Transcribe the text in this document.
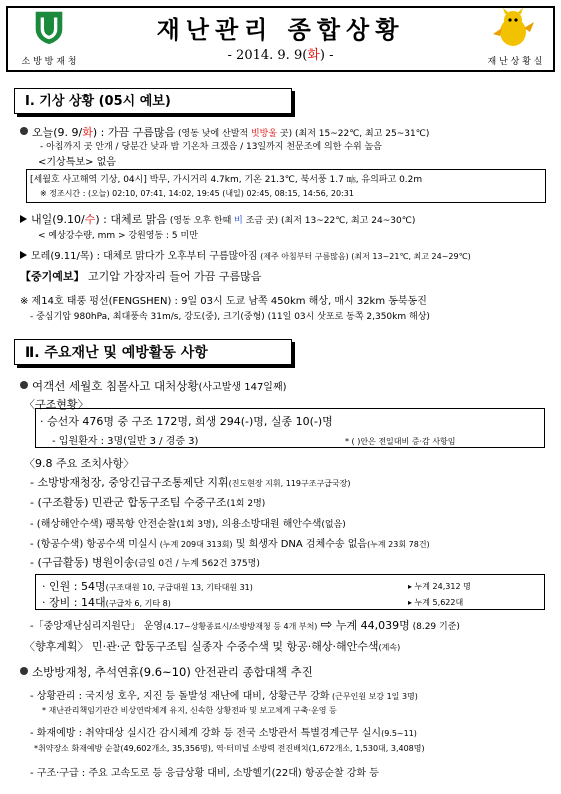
소 방 방 재 청
재난관리 종합상황
- 2014. 9. 9(화) -	재 난 상 황 실
Ⅰ. 기상 상황 (05시 예보)
오늘(9. 9/화) : 가끔 구름많음 (영동 낮에 산발적 빗방울 곳) (최저 15~22℃, 최고 25~31℃)
- 아침까지 곳 안개 / 당분간 낮과 밤 기온차 크겠음 / 13일까지 천문조에 의한 수위 높음
<기상특보> 없음
[세월호 사고해역 기상, 04시] 박무, 가시거리 4.7km, 기온 21.3℃, 북서풍 1.7 ㎧, 유의파고 0.2m
※ 정조시간 : (오늘) 02:10, 07:41, 14:02, 19:45 (내일) 02:45, 08:15, 14:56, 20:31
내일(9.10/수) : 대체로 맑음 (영동 오후 한때 비 조금 곳) (최저 13~22℃, 최고 24~30℃)
< 예상강수량, mm > 강원영동 : 5 미만
모레(9.11/목) : 대체로 맑다가 오후부터 구름많아짐 (제주 아침부터 구름많음) (최저 13~21℃, 최고 24~29℃)
【중기예보】 고기압 가장자리 들어 가끔 구름많음
※ 제14호 태풍 펑선(FENGSHEN) : 9일 03시 도쿄 남쪽 450km 해상, 매시 32km 동북동진
- 중심기압 980hPa, 최대풍속 31m/s, 강도(중), 크기(중형) (11일 03시 삿포로 동쪽 2,350km 해상)
Ⅱ. 주요재난 및 예방활동 사항
여객선 세월호 침몰사고 대처상황(사고발생 147일째)
〈구조현황〉
· 승선자 476명 중 구조 172명, 희생 294(-)명, 실종 10(-)명
- 입원환자 : 3명(일반 3 / 경증 3)	* ( )안은 전일대비 증·감 사항임
〈9.8 주요 조치사항〉
- 소방방재청장, 중앙긴급구조통제단 지휘(진도현장 지휘, 119구조구급국장)
- (구조활동) 민관군 합동구조팀 수중구조(1회 2명)
- (해상해안수색) 팽목항 안전순찰(1회 3명), 의용소방대원 해안수색(없음)
- (항공수색) 항공수색 미실시 (누계 209대 313회) 및 희생자 DNA 검체수송 없음(누계 23회 78건)
- (구급활동) 병원이송(금일 0건 / 누계 562건 375명)
· 인원 : 54명(구조대원 10, 구급대원 13, 기타대원 31)	▸ 누계 24,312 명
· 장비 : 14대(구급차 6, 기타 8)	▸ 누계 5,622대
-「중앙재난심리지원단」 운영(4.17~상황종료시/소방방재청 등 4개 부처) ⇨ 누계 44,039명 (8.29 기준)
〈향후계획〉 민·관·군 합동구조팀 실종자 수중수색 및 항공·해상·해안수색(계속)
소방방재청, 추석연휴(9.6~10) 안전관리 종합대책 추진
- 상황관리 : 국지성 호우, 지진 등 돌발성 재난에 대비, 상황근무 강화 (근무인원 보강 1일 3명)
* 재난관리책임기관간 비상연락체계 유지, 신속한 상황전파 및 보고체계 구축·운영 등
- 화재예방 : 취약대상 실시간 감시체계 강화 등 전국 소방관서 특별경계근무 실시(9.5~11)
*취약장소 화재예방 순찰(49,602개소, 35,356명), 역·터미널 소방력 전진배치(1,672개소, 1,530대, 3,408명)
- 구조·구급 : 주요 고속도로 등 응급상황 대비, 소방헬기(22대) 항공순찰 강화 등
